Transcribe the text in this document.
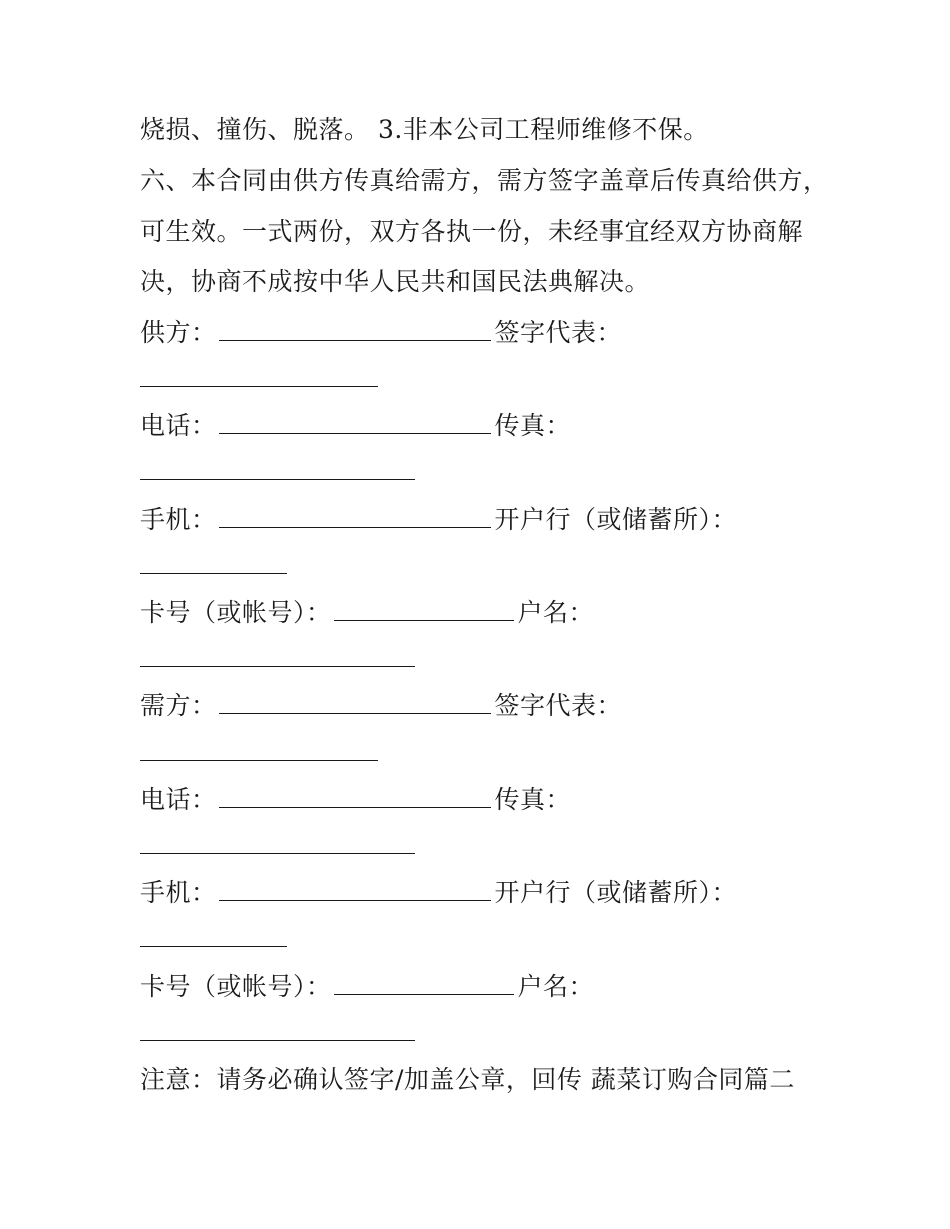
烧损、撞伤、脱落。 3.非本公司工程师维修不保。
六、本合同由供方传真给需方，需方签字盖章后传真给供方，
可生效。一式两份，双方各执一份，未经事宜经双方协商解
决，协商不成按中华人民共和国民法典解决。
供方：	签字代表：
电话：	传真：
手机：	开户行（或储蓄所）：
卡号（或帐号）：	户名：
需方：	签字代表：
电话：	传真：
手机：	开户行（或储蓄所）：
卡号（或帐号）：	户名：
注意：请务必确认签字/加盖公章，回传 蔬菜订购合同篇二
